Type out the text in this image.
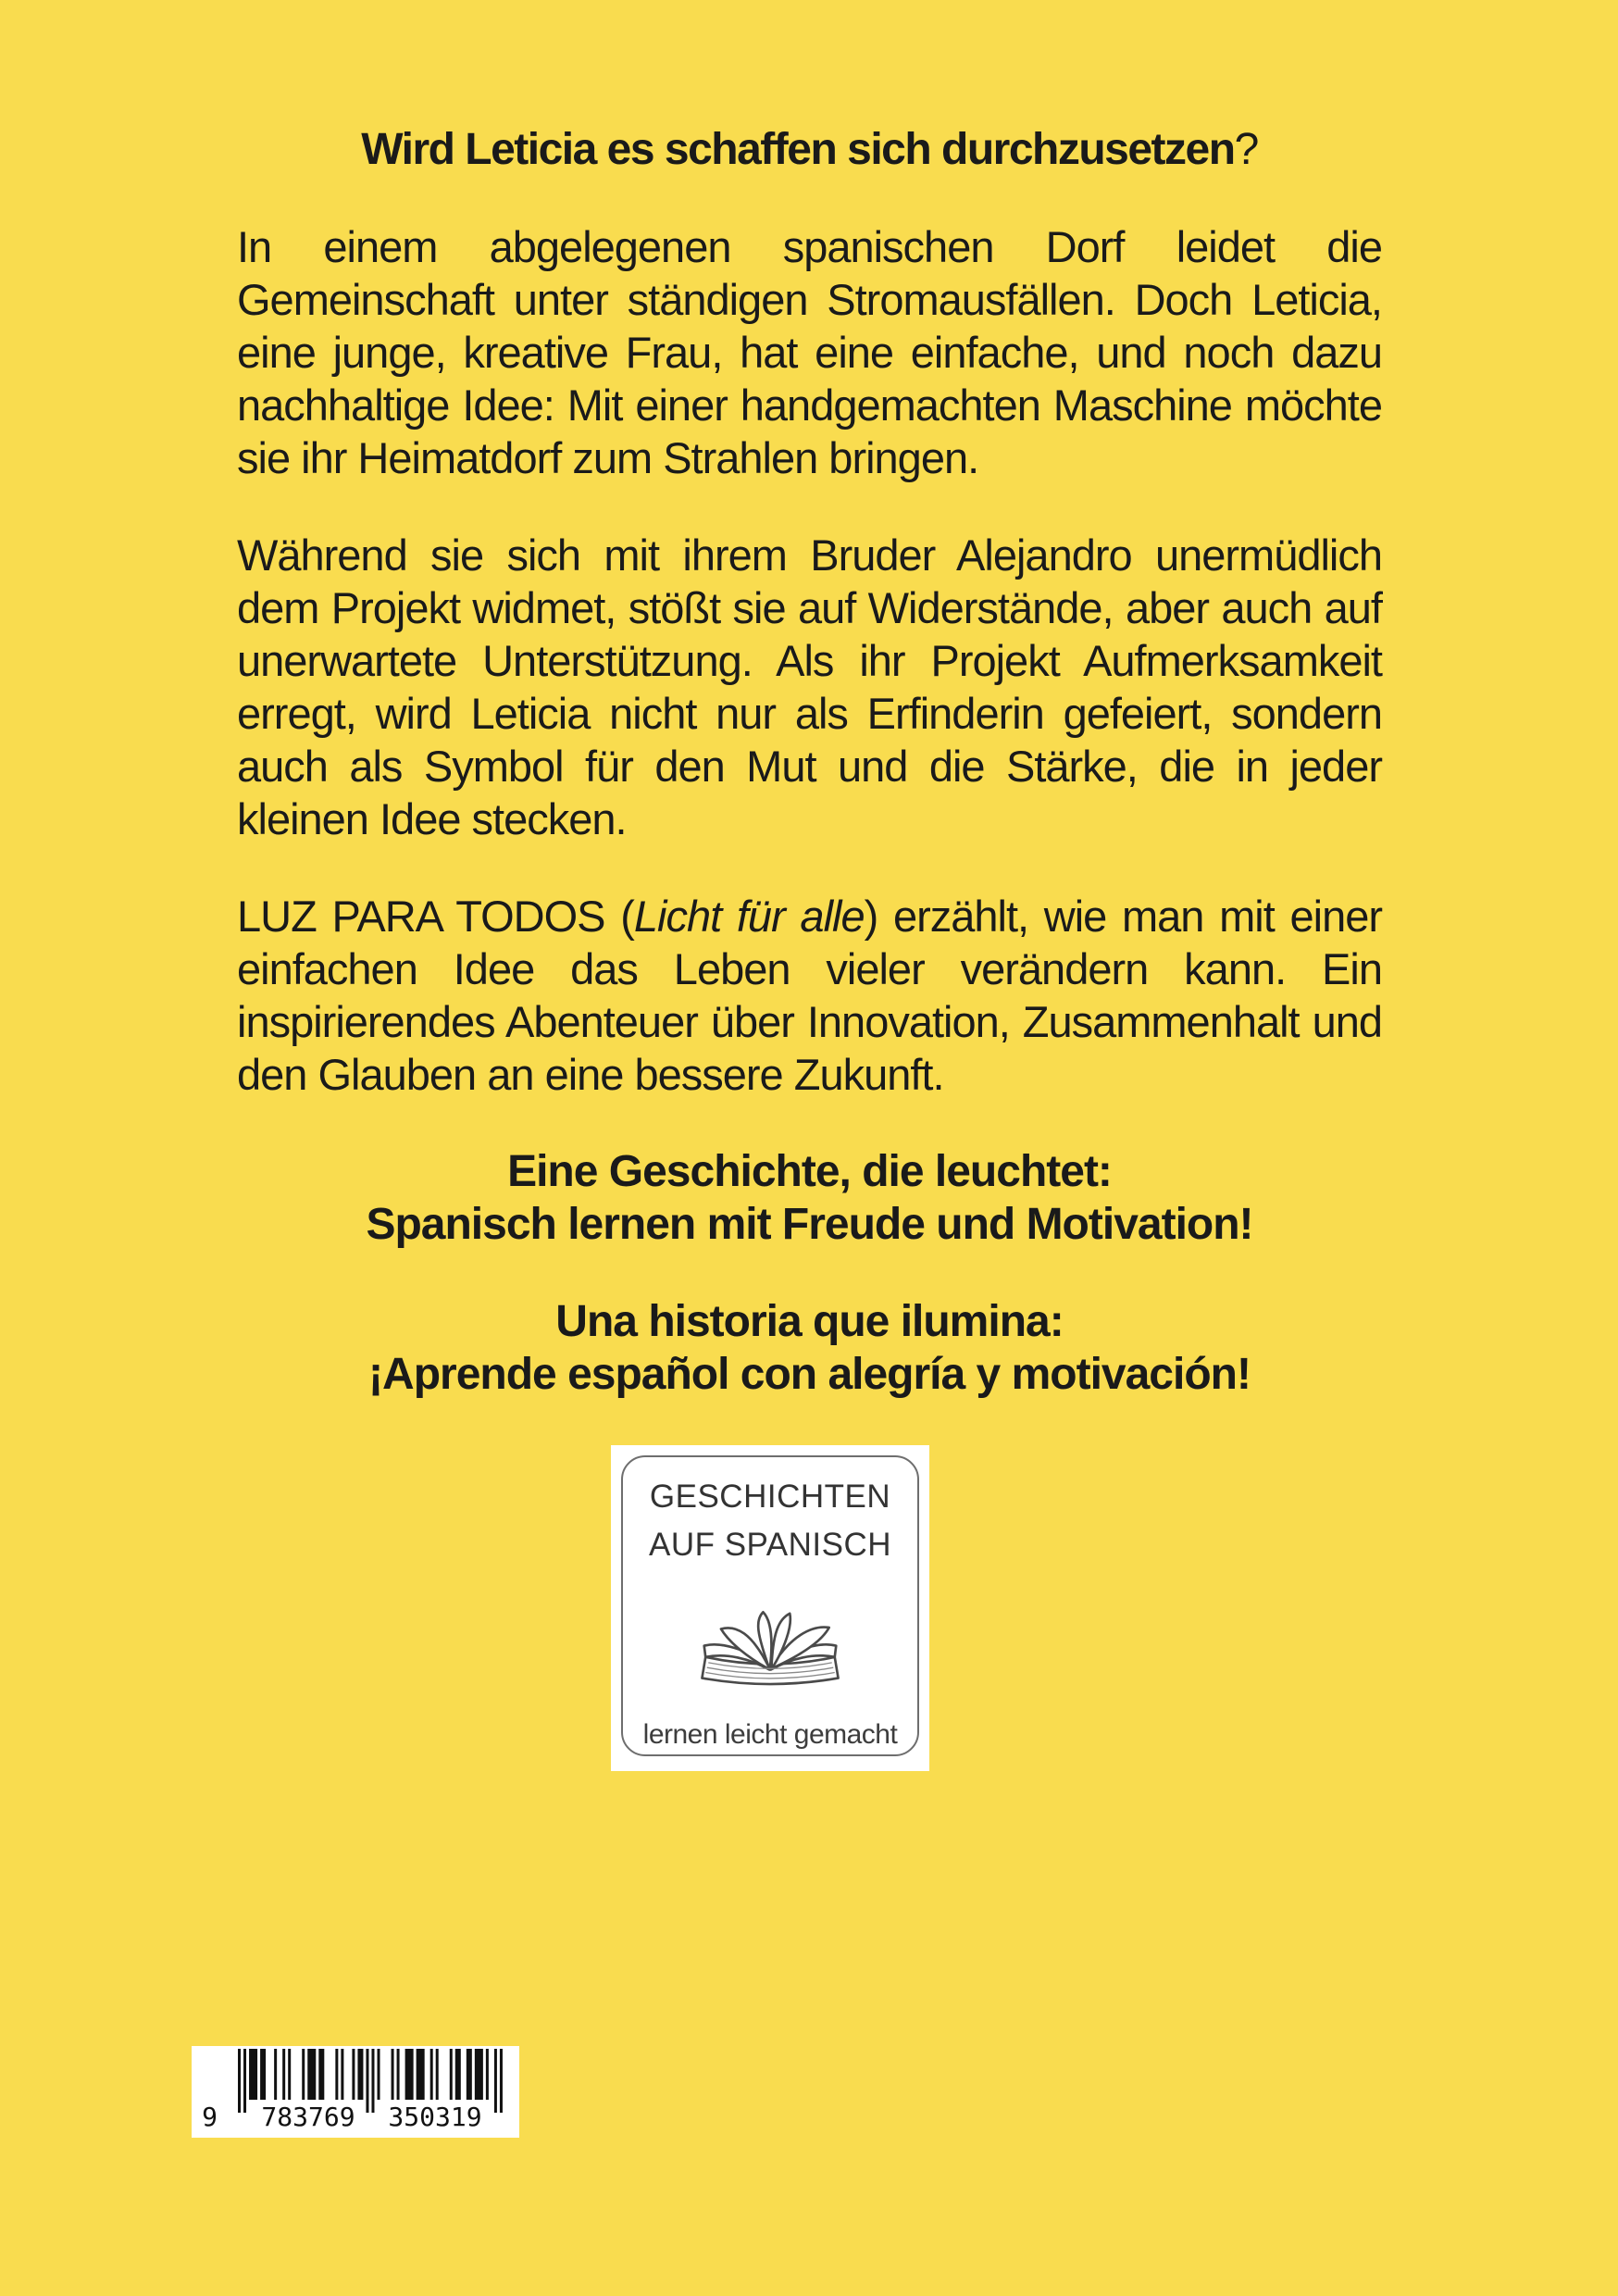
Wird Leticia es schaffen sich durchzusetzen?

In einem abgelegenen spanischen Dorf leidet die Gemeinschaft unter ständigen Stromausfällen. Doch Leticia, eine junge, kreative Frau, hat eine einfache, und noch dazu nachhaltige Idee: Mit einer handgemachten Maschine möchte sie ihr Heimatdorf zum Strahlen bringen.

Während sie sich mit ihrem Bruder Alejandro unermüdlich dem Projekt widmet, stößt sie auf Widerstände, aber auch auf unerwartete Unterstützung. Als ihr Projekt Aufmerksamkeit erregt, wird Leticia nicht nur als Erfinderin gefeiert, sondern auch als Symbol für den Mut und die Stärke, die in jeder kleinen Idee stecken.

LUZ PARA TODOS (Licht für alle) erzählt, wie man mit einer einfachen Idee das Leben vieler verändern kann. Ein inspirierendes Abenteuer über Innovation, Zusammenhalt und den Glauben an eine bessere Zukunft.

Eine Geschichte, die leuchtet:
Spanisch lernen mit Freude und Motivation!
Una historia que ilumina:
¡Aprende español con alegría y motivación!
GESCHICHTEN
AUF SPANISCH
lernen leicht gemacht
9 783769 350319
